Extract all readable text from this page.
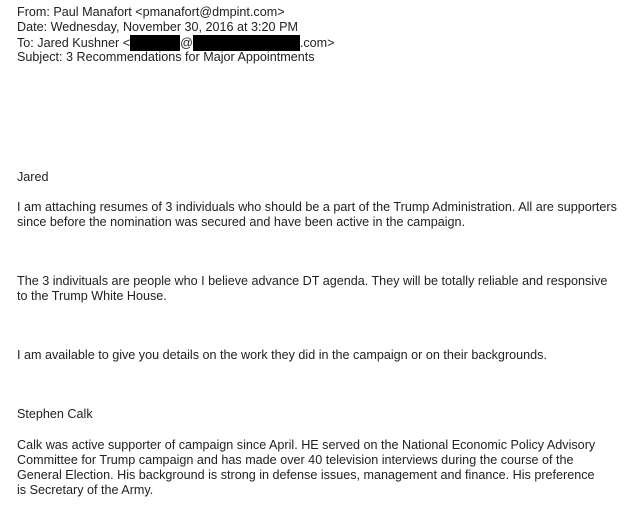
From: Paul Manafort <pmanafort@dmpint.com>
Date: Wednesday, November 30, 2016 at 3:20 PM
To: Jared Kushner <	@	.com>
Subject: 3 Recommendations for Major Appointments

Jared

I am attaching resumes of 3 individuals who should be a part of the Trump Administration. All are supporters since before the nomination was secured and have been active in the campaign.

The 3 indivituals are people who I believe advance DT agenda. They will be totally reliable and responsive to the Trump White House.

I am available to give you details on the work they did in the campaign or on their backgrounds.

Stephen Calk

Calk was active supporter of campaign since April. HE served on the National Economic Policy Advisory Committee for Trump campaign and has made over 40 television interviews during the course of the General Election. His background is strong in defense issues, management and finance. His preference is Secretary of the Army.
